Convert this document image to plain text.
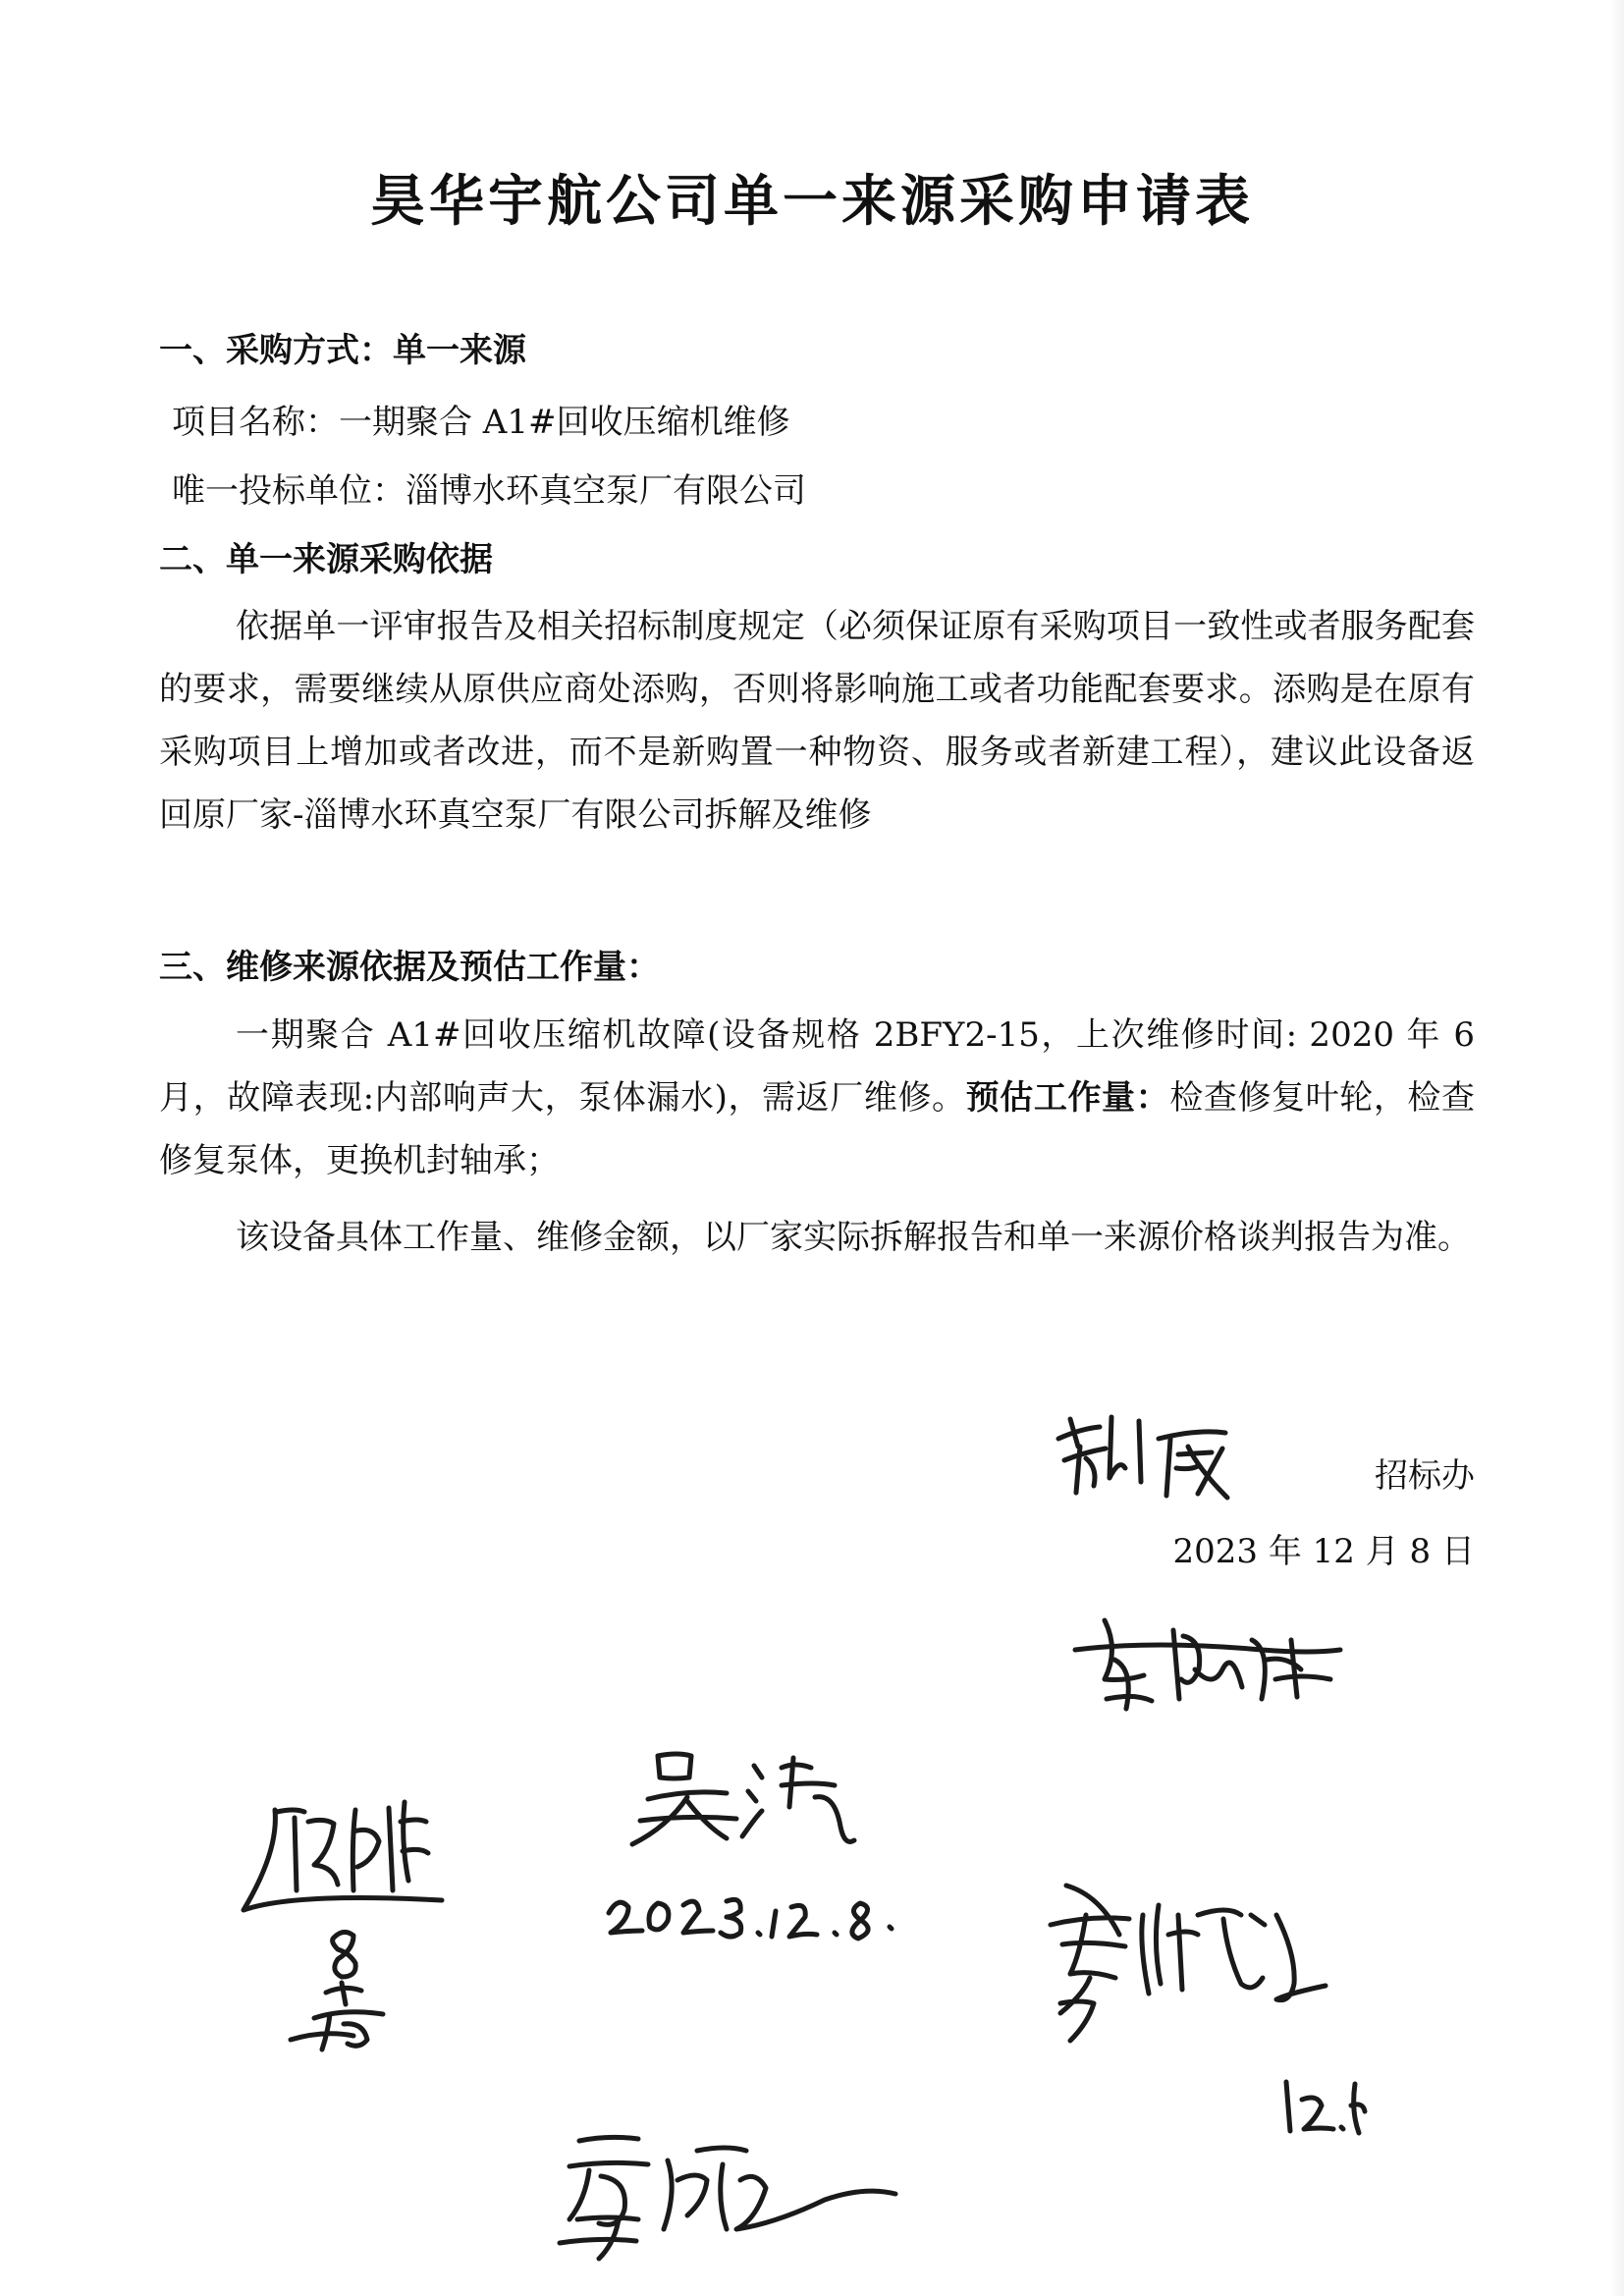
昊华宇航公司单一来源采购申请表
一、采购方式：单一来源
项目名称：一期聚合 A1#回收压缩机维修
唯一投标单位：淄博水环真空泵厂有限公司
二、单一来源采购依据
依据单一评审报告及相关招标制度规定（必须保证原有采购项目一致性或者服务配套的要求，需要继续从原供应商处添购，否则将影响施工或者功能配套要求。添购是在原有采购项目上增加或者改进，而不是新购置一种物资、服务或者新建工程），建议此设备返回原厂家-淄博水环真空泵厂有限公司拆解及维修
三、维修来源依据及预估工作量：
一期聚合 A1#回收压缩机故障(设备规格 2BFY2-15，上次维修时间: 2020 年 6 月，故障表现:内部响声大，泵体漏水)，需返厂维修。预估工作量：检查修复叶轮，检查修复泵体，更换机封轴承；
该设备具体工作量、维修金额，以厂家实际拆解报告和单一来源价格谈判报告为准。
招标办
2023 年 12 月 8 日
